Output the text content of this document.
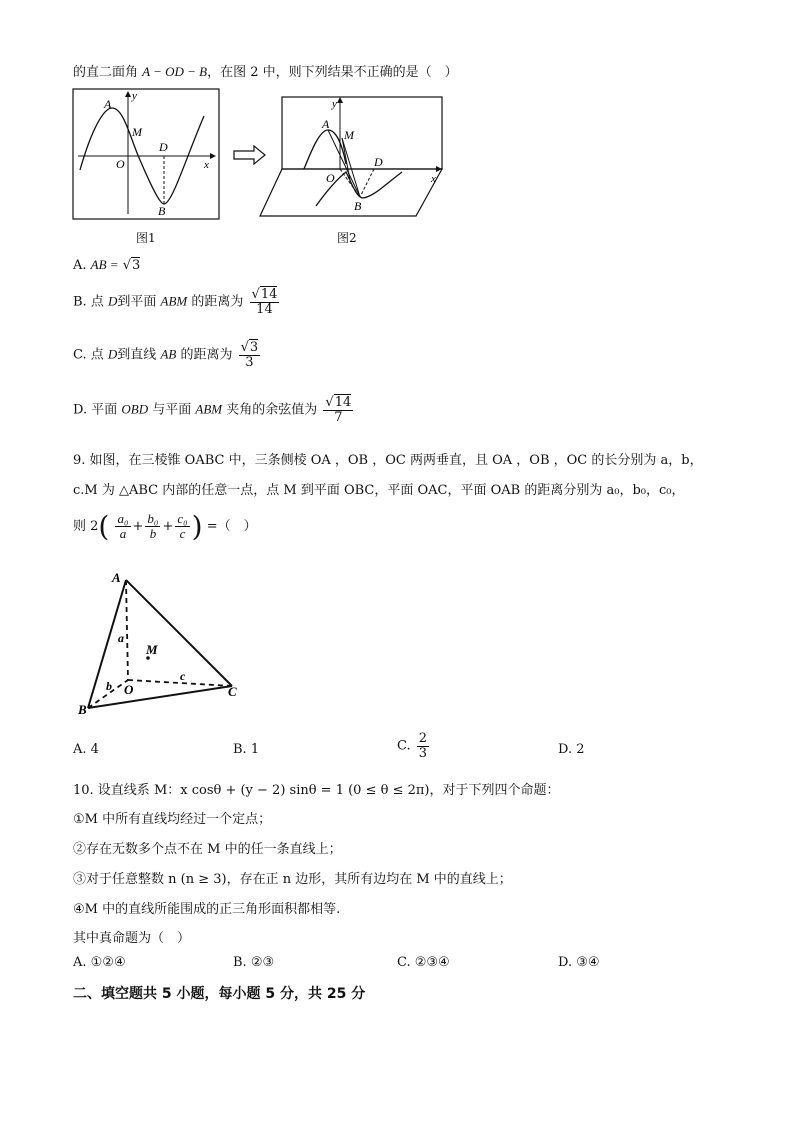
的直二面角 A − OD − B，在图 2 中，则下列结果不正确的是（　）
A
y
M
O
D
x
B
图1
A
y
M
O
D
x
B
图2
A. AB = √3
B. 点 D到平面 ABM 的距离为 $\frac{√14}{14}$
C. 点 D到直线 AB 的距离为 $\frac{√3}{3}$
D. 平面 OBD 与平面 ABM 夹角的余弦值为 $\frac{√14}{7}$
9. 如图，在三棱锥 OABC 中，三条侧棱 OA ，OB ，OC 两两垂直，且 OA ，OB ，OC 的长分别为 a，b，
c.M 为 △ABC 内部的任意一点，点 M 到平面 OBC，平面 OAC，平面 OAB 的距离分别为 a₀，b₀，c₀，
则 $2( \frac{\text{a₀}}{a} + \frac{\text{b₀}}{b} + \frac{\text{c₀}}{c}$ ) =（　）
A
B
C
O
M
a
b
c
A. 4	B. 1	C. $\frac{2}{3}$	D. 2
10. 设直线系 M：x cosθ + (y − 2) sinθ = 1 (0 ≤ θ ≤ 2π)，对于下列四个命题：
①M 中所有直线均经过一个定点；
②存在无数多个点不在 M 中的任一条直线上；
③对于任意整数 n (n ≥ 3)，存在正 n 边形，其所有边均在 M 中的直线上；
④M 中的直线所能围成的正三角形面积都相等.
其中真命题为（　）
A. ①②④	B. ②③	C. ②③④	D. ③④
二、填空题共 5 小题，每小题 5 分，共 25 分
